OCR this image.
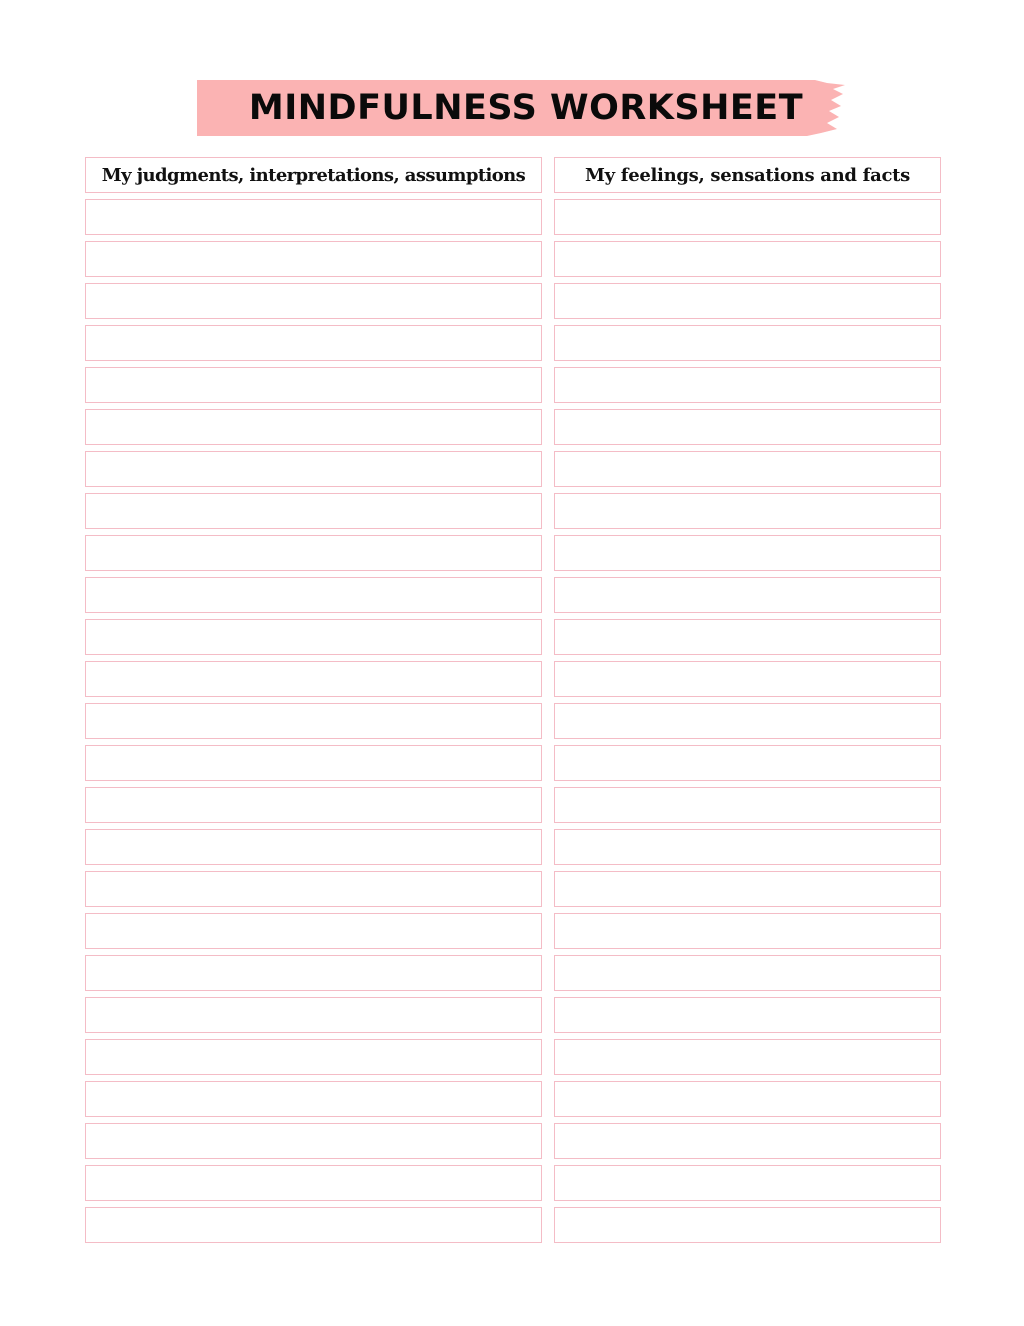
MINDFULNESS WORKSHEET
My judgments, interpretations, assumptions	My feelings, sensations and facts
